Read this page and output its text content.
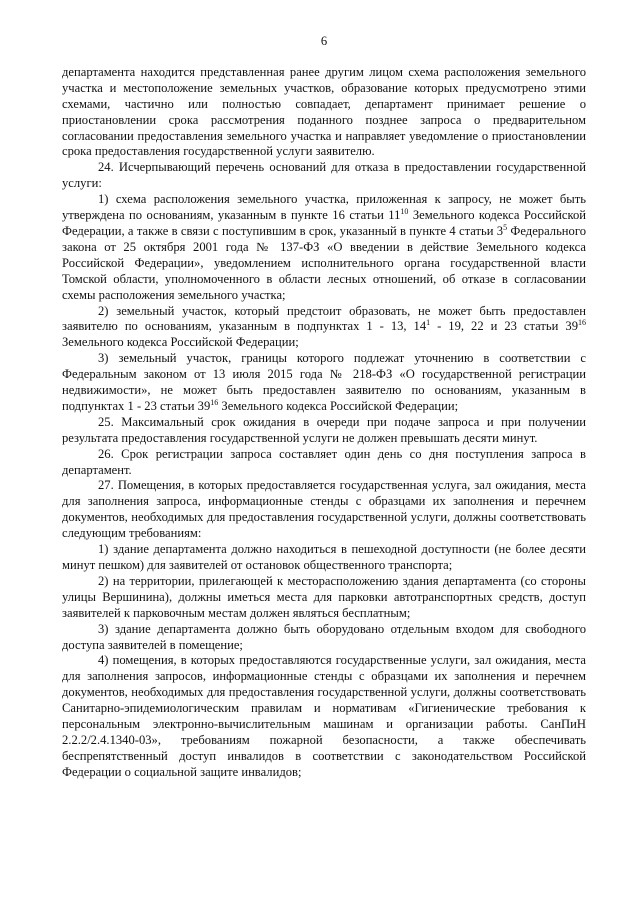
6

департамента находится представленная ранее другим лицом схема расположения земельного участка и местоположение земельных участков, образование которых предусмотрено этими схемами, частично или полностью совпадает, департамент принимает решение о приостановлении срока рассмотрения поданного позднее запроса о предварительном согласовании предоставления земельного участка и направляет уведомление о приостановлении срока предоставления государственной услуги заявителю.

24. Исчерпывающий перечень оснований для отказа в предоставлении государственной услуги:

1) схема расположения земельного участка, приложенная к запросу, не может быть утверждена по основаниям, указанным в пункте 16 статьи $11^{10}$ Земельного кодекса Российской Федерации, а также в связи с поступившим в срок, указанный в пункте 4 статьи $3^5$ Федерального закона от 25 октября 2001 года № 137-ФЗ «О введении в действие Земельного кодекса Российской Федерации», уведомлением исполнительного органа государственной власти Томской области, уполномоченного в области лесных отношений, об отказе в согласовании схемы расположения земельного участка;

2) земельный участок, который предстоит образовать, не может быть предоставлен заявителю по основаниям, указанным в подпунктах 1 - 13, $14^1 - 19$, 22 и 23 статьи $39^{16}$ Земельного кодекса Российской Федерации;

3) земельный участок, границы которого подлежат уточнению в соответствии с Федеральным законом от 13 июля 2015 года № 218-ФЗ «О государственной регистрации недвижимости», не может быть предоставлен заявителю по основаниям, указанным в подпунктах 1 - 23 статьи $39^{16}$ Земельного кодекса Российской Федерации;

25. Максимальный срок ожидания в очереди при подаче запроса и при получении результата предоставления государственной услуги не должен превышать десяти минут.

26. Срок регистрации запроса составляет один день со дня поступления запроса в департамент.

27. Помещения, в которых предоставляется государственная услуга, зал ожидания, места для заполнения запроса, информационные стенды с образцами их заполнения и перечнем документов, необходимых для предоставления государственной услуги, должны соответствовать следующим требованиям:

1) здание департамента должно находиться в пешеходной доступности (не более десяти минут пешком) для заявителей от остановок общественного транспорта;

2) на территории, прилегающей к месторасположению здания департамента (со стороны улицы Вершинина), должны иметься места для парковки автотранспортных средств, доступ заявителей к парковочным местам должен являться бесплатным;

3) здание департамента должно быть оборудовано отдельным входом для свободного доступа заявителей в помещение;

4) помещения, в которых предоставляются государственные услуги, зал ожидания, места для заполнения запросов, информационные стенды с образцами их заполнения и перечнем документов, необходимых для предоставления государственной услуги, должны соответствовать Санитарно-эпидемиологическим правилам и нормативам «Гигиенические требования к персональным электронно-вычислительным машинам и организации работы. СанПиН 2.2.2/2.4.1340-03», требованиям пожарной безопасности, а также обеспечивать беспрепятственный доступ инвалидов в соответствии с законодательством Российской Федерации о социальной защите инвалидов;
